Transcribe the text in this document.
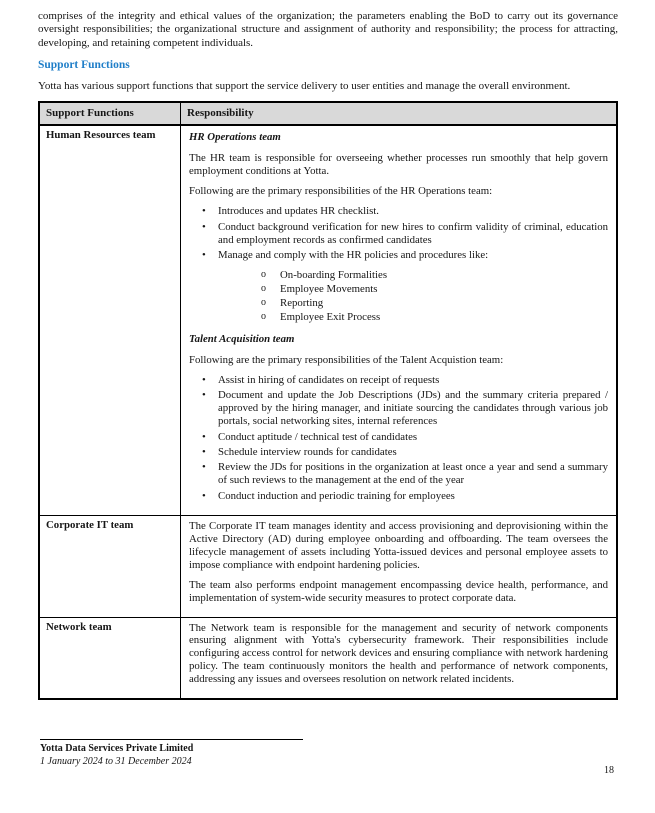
comprises of the integrity and ethical values of the organization; the parameters enabling the BoD to carry out its governance oversight responsibilities; the organizational structure and assignment of authority and responsibility; the process for attracting, developing, and retaining competent individuals.

Support Functions

Yotta has various support functions that support the service delivery to user entities and manage the overall environment.

Support Functions	Responsibility
Human Resources team	HR Operations team

The HR team is responsible for overseeing whether processes run smoothly that help govern employment conditions at Yotta.

Following are the primary responsibilities of the HR Operations team:

• Introduces and updates HR checklist.
• Conduct background verification for new hires to confirm validity of criminal, education and employment records as confirmed candidates
• Manage and comply with the HR policies and procedures like:
o On-boarding Formalities
o Employee Movements
o Reporting
o Employee Exit Process

Talent Acquisition team

Following are the primary responsibilities of the Talent Acquistion team:

• Assist in hiring of candidates on receipt of requests
• Document and update the Job Descriptions (JDs) and the summary criteria prepared / approved by the hiring manager, and initiate sourcing the candidates through various job portals, social networking sites, internal references
• Conduct aptitude / technical test of candidates
• Schedule interview rounds for candidates
• Review the JDs for positions in the organization at least once a year and send a summary of such reviews to the management at the end of the year
• Conduct induction and periodic training for employees

Corporate IT team	The Corporate IT team manages identity and access provisioning and deprovisioning within the Active Directory (AD) during employee onboarding and offboarding. The team oversees the lifecycle management of assets including Yotta-issued devices and personal employee assets to impose compliance with endpoint hardening policies.

The team also performs endpoint management encompassing device health, performance, and implementation of system-wide security measures to protect corporate data.

Network team	The Network team is responsible for the management and security of network components ensuring alignment with Yotta's cybersecurity framework. Their responsibilities include configuring access control for network devices and ensuring compliance with network hardening policy. The team continuously monitors the health and performance of network components, addressing any issues and oversees resolution on network related incidents.

Yotta Data Services Private Limited
1 January 2024 to 31 December 2024
18
